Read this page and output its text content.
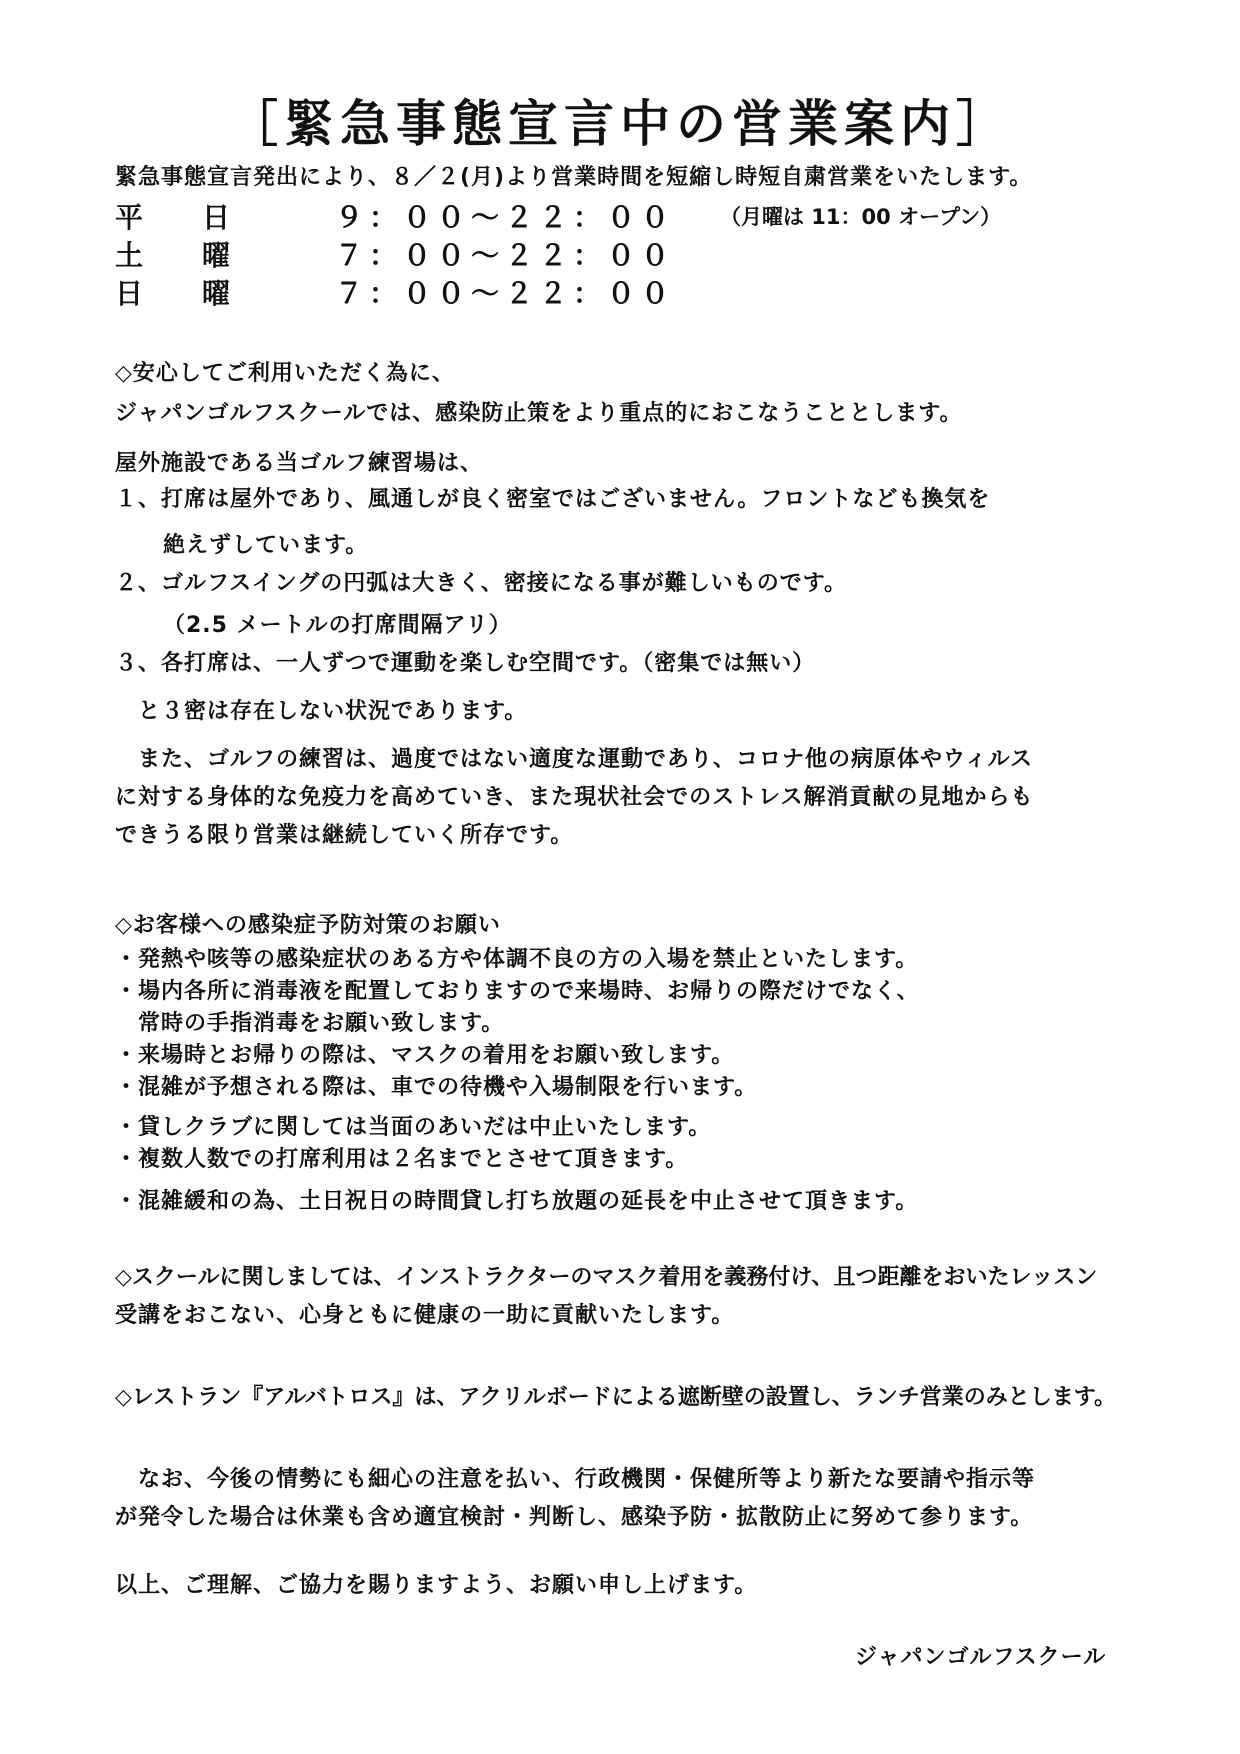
［緊急事態宣言中の営業案内］
緊急事態宣言発出により、８／２(月)より営業時間を短縮し時短自粛営業をいたします。
平　　日	９：００〜２２：００ （月曜は 11：00 オープン）
土　　曜	７：００〜２２：００
日　　曜	７：００〜２２：００
◇安心してご利用いただく為に、
ジャパンゴルフスクールでは、感染防止策をより重点的におこなうこととします。
屋外施設である当ゴルフ練習場は、
１、打席は屋外であり、風通しが良く密室ではございません。フロントなども換気を
絶えずしています。
２、ゴルフスイングの円弧は大きく、密接になる事が難しいものです。
（2.5 メートルの打席間隔アリ）
３、各打席は、一人ずつで運動を楽しむ空間です。（密集では無い）
と３密は存在しない状況であります。
　また、ゴルフの練習は、過度ではない適度な運動であり、コロナ他の病原体やウィルス
に対する身体的な免疫力を高めていき、また現状社会でのストレス解消貢献の見地からも
できうる限り営業は継続していく所存です。
◇お客様への感染症予防対策のお願い
・発熱や咳等の感染症状のある方や体調不良の方の入場を禁止といたします。
・場内各所に消毒液を配置しておりますので来場時、お帰りの際だけでなく、
常時の手指消毒をお願い致します。
・来場時とお帰りの際は、マスクの着用をお願い致します。
・混雑が予想される際は、車での待機や入場制限を行います。
・貸しクラブに関しては当面のあいだは中止いたします。
・複数人数での打席利用は２名までとさせて頂きます。
・混雑緩和の為、土日祝日の時間貸し打ち放題の延長を中止させて頂きます。
◇スクールに関しましては、インストラクターのマスク着用を義務付け、且つ距離をおいたレッスン
受講をおこない、心身ともに健康の一助に貢献いたします。
◇レストラン『アルバトロス』は、アクリルボードによる遮断壁の設置し、ランチ営業のみとします。
　なお、今後の情勢にも細心の注意を払い、行政機関・保健所等より新たな要請や指示等
が発令した場合は休業も含め適宜検討・判断し、感染予防・拡散防止に努めて参ります。
以上、ご理解、ご協力を賜りますよう、お願い申し上げます。
ジャパンゴルフスクール
